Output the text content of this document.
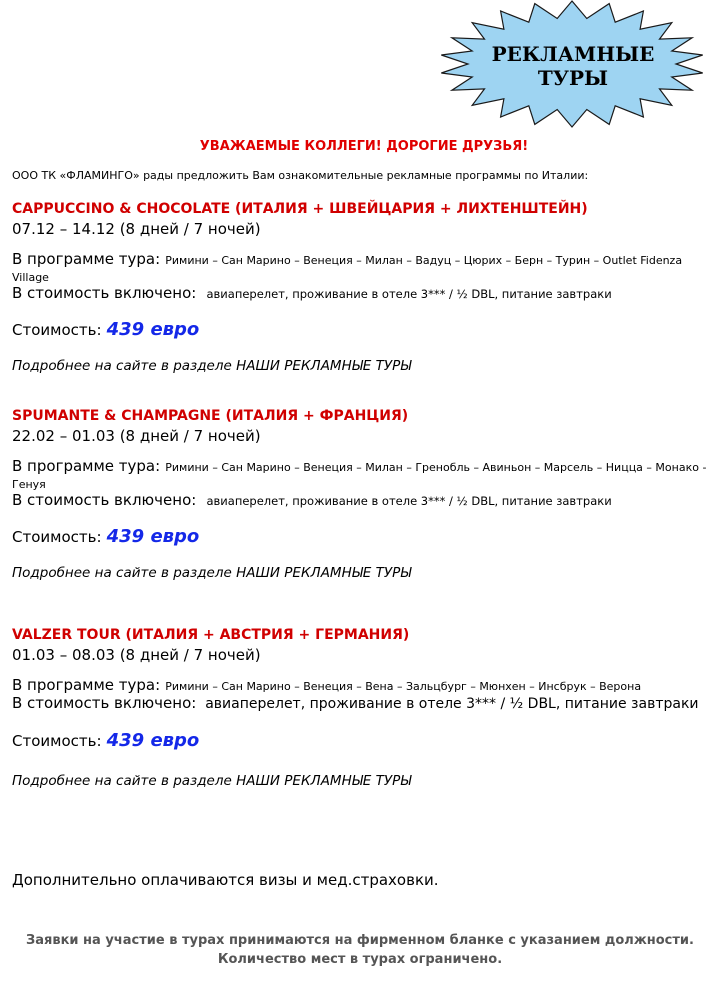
РЕКЛАМНЫЕ
ТУРЫ
УВАЖАЕМЫЕ КОЛЛЕГИ! ДОРОГИЕ ДРУЗЬЯ!
ООО ТК «ФЛАМИНГО» рады предложить Вам ознакомительные рекламные программы по Италии:
CAPPUCCINO & CHOCOLATE (ИТАЛИЯ + ШВЕЙЦАРИЯ + ЛИХТЕНШТЕЙН)
07.12 – 14.12 (8 дней / 7 ночей)
В программе тура: Римини – Сан Марино – Венеция – Милан – Вадуц – Цюрих – Берн – Турин – Outlet Fidenza Village
В стоимость включено: авиаперелет, проживание в отеле 3*** / ½ DBL, питание завтраки
Стоимость: 439 евро
Подробнее на сайте в разделе НАШИ РЕКЛАМНЫЕ ТУРЫ
SPUMANTE & CHAMPAGNE (ИТАЛИЯ + ФРАНЦИЯ)
22.02 – 01.03 (8 дней / 7 ночей)
В программе тура: Римини – Сан Марино – Венеция – Милан – Гренобль – Авиньон – Марсель – Ницца – Монако - Генуя
В стоимость включено: авиаперелет, проживание в отеле 3*** / ½ DBL, питание завтраки
Стоимость: 439 евро
Подробнее на сайте в разделе НАШИ РЕКЛАМНЫЕ ТУРЫ
VALZER TOUR (ИТАЛИЯ + АВСТРИЯ + ГЕРМАНИЯ)
01.03 – 08.03 (8 дней / 7 ночей)
В программе тура: Римини – Сан Марино – Венеция – Вена – Зальцбург – Мюнхен – Инсбрук – Верона
В стоимость включено: авиаперелет, проживание в отеле 3*** / ½ DBL, питание завтраки
Стоимость: 439 евро
Подробнее на сайте в разделе НАШИ РЕКЛАМНЫЕ ТУРЫ
Дополнительно оплачиваются визы и мед.страховки.
Заявки на участие в турах принимаются на фирменном бланке с указанием должности.
Количество мест в турах ограничено.
